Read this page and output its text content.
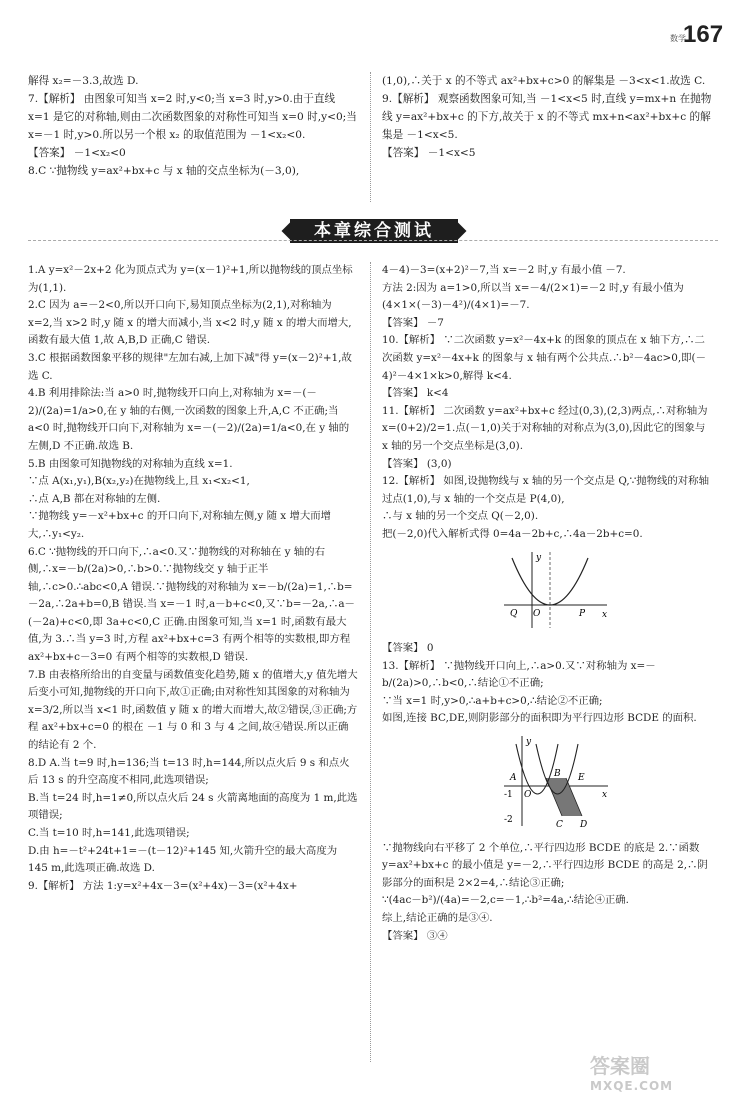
数学
167

解得 x₂=－3.3,故选 D.

7.【解析】 由图象可知当 x=2 时,y<0;当 x=3 时,y>0.由于直线 x=1 是它的对称轴,则由二次函数图象的对称性可知当 x=0 时,y<0;当 x=－1 时,y>0.所以另一个根 x₂ 的取值范围为 －1<x₂<0.

【答案】 －1<x₂<0

8.C ∵抛物线 y=ax²+bx+c 与 x 轴的交点坐标为(－3,0),

(1,0),∴关于 x 的不等式 ax²+bx+c>0 的解集是 －3<x<1.故选 C.

9.【解析】 观察函数图象可知,当 －1<x<5 时,直线 y=mx+n 在抛物线 y=ax²+bx+c 的下方,故关于 x 的不等式 mx+n<ax²+bx+c 的解集是 －1<x<5.

【答案】 －1<x<5

本章综合测试

1.A y=x²－2x+2 化为顶点式为 y=(x－1)²+1,所以抛物线的顶点坐标为(1,1).

2.C 因为 a=－2<0,所以开口向下,易知顶点坐标为(2,1),对称轴为 x=2,当 x>2 时,y 随 x 的增大而减小,当 x<2 时,y 随 x 的增大而增大,函数有最大值 1,故 A,B,D 正确,C 错误.

3.C 根据函数图象平移的规律"左加右减,上加下减"得 y=(x－2)²+1,故选 C.

4.B 利用排除法:当 a>0 时,抛物线开口向上,对称轴为 x=－(－2)/(2a)=1/a>0,在 y 轴的右侧,一次函数的图象上升,A,C 不正确;当 a<0 时,抛物线开口向下,对称轴为 x=－(－2)/(2a)=1/a<0,在 y 轴的左侧,D 不正确.故选 B.

5.B 由图象可知抛物线的对称轴为直线 x=1.

∵点 A(x₁,y₁),B(x₂,y₂)在抛物线上,且 x₁<x₂<1,

∴点 A,B 都在对称轴的左侧.

∵抛物线 y=－x²+bx+c 的开口向下,对称轴左侧,y 随 x 增大而增大,∴y₁<y₂.

6.C ∵抛物线的开口向下,∴a<0.又∵抛物线的对称轴在 y 轴的右侧,∴x=－b/(2a)>0,∴b>0.∵抛物线交 y 轴于正半轴,∴c>0.∴abc<0,A 错误.∵抛物线的对称轴为 x=－b/(2a)=1,∴b=－2a,∴2a+b=0,B 错误.当 x=－1 时,a－b+c<0,又∵b=－2a,∴a－(－2a)+c<0,即 3a+c<0,C 正确.由图象可知,当 x=1 时,函数有最大值,为 3.∴当 y=3 时,方程 ax²+bx+c=3 有两个相等的实数根,即方程 ax²+bx+c－3=0 有两个相等的实数根,D 错误.

7.B 由表格所给出的自变量与函数值变化趋势,随 x 的值增大,y 值先增大后变小可知,抛物线的开口向下,故①正确;由对称性知其图象的对称轴为 x=3/2,所以当 x<1 时,函数值 y 随 x 的增大而增大,故②错误,③正确;方程 ax²+bx+c=0 的根在 －1 与 0 和 3 与 4 之间,故④错误.所以正确的结论有 2 个.

8.D A.当 t=9 时,h=136;当 t=13 时,h=144,所以点火后 9 s 和点火后 13 s 的升空高度不相同,此选项错误;

B.当 t=24 时,h=1≠0,所以点火后 24 s 火箭离地面的高度为 1 m,此选项错误;

C.当 t=10 时,h=141,此选项错误;

D.由 h=－t²+24t+1=－(t－12)²+145 知,火箭升空的最大高度为 145 m,此选项正确.故选 D.

9.【解析】 方法 1:y=x²+4x－3=(x²+4x)－3=(x²+4x+

4－4)－3=(x+2)²－7,当 x=－2 时,y 有最小值 －7.

方法 2:因为 a=1>0,所以当 x=－4/(2×1)=－2 时,y 有最小值为 (4×1×(－3)－4²)/(4×1)=－7.

【答案】 －7

10.【解析】 ∵二次函数 y=x²－4x+k 的图象的顶点在 x 轴下方,∴二次函数 y=x²－4x+k 的图象与 x 轴有两个公共点.∴b²－4ac>0,即(－4)²－4×1×k>0,解得 k<4.

【答案】 k<4

11.【解析】 二次函数 y=ax²+bx+c 经过(0,3),(2,3)两点,∴对称轴为 x=(0+2)/2=1.点(－1,0)关于对称轴的对称点为(3,0),因此它的图象与 x 轴的另一个交点坐标是(3,0).

【答案】 (3,0)

12.【解析】 如图,设抛物线与 x 轴的另一个交点是 Q,∵抛物线的对称轴过点(1,0),与 x 轴的一个交点是 P(4,0),

∴与 x 轴的另一个交点 Q(－2,0).

把(－2,0)代入解析式得 0=4a－2b+c,∴4a－2b+c=0.

y
x
Q O	P

【答案】 0

13.【解析】 ∵抛物线开口向上,∴a>0.又∵对称轴为 x=－b/(2a)>0,∴b<0,∴结论①不正确;

∵当 x=1 时,y>0,∴a+b+c>0,∴结论②不正确;

如图,连接 BC,DE,则阴影部分的面积即为平行四边形 BCDE 的面积.

y
x
A	B E
O
-1
-2	C D

∵抛物线向右平移了 2 个单位,∴平行四边形 BCDE 的底是 2.∵函数 y=ax²+bx+c 的最小值是 y=－2,∴平行四边形 BCDE 的高是 2,∴阴影部分的面积是 2×2=4,∴结论③正确;

∵(4ac－b²)/(4a)=－2,c=－1,∴b²=4a,∴结论④正确.

综上,结论正确的是③④.

【答案】 ③④

答案圈
MXQE.COM
